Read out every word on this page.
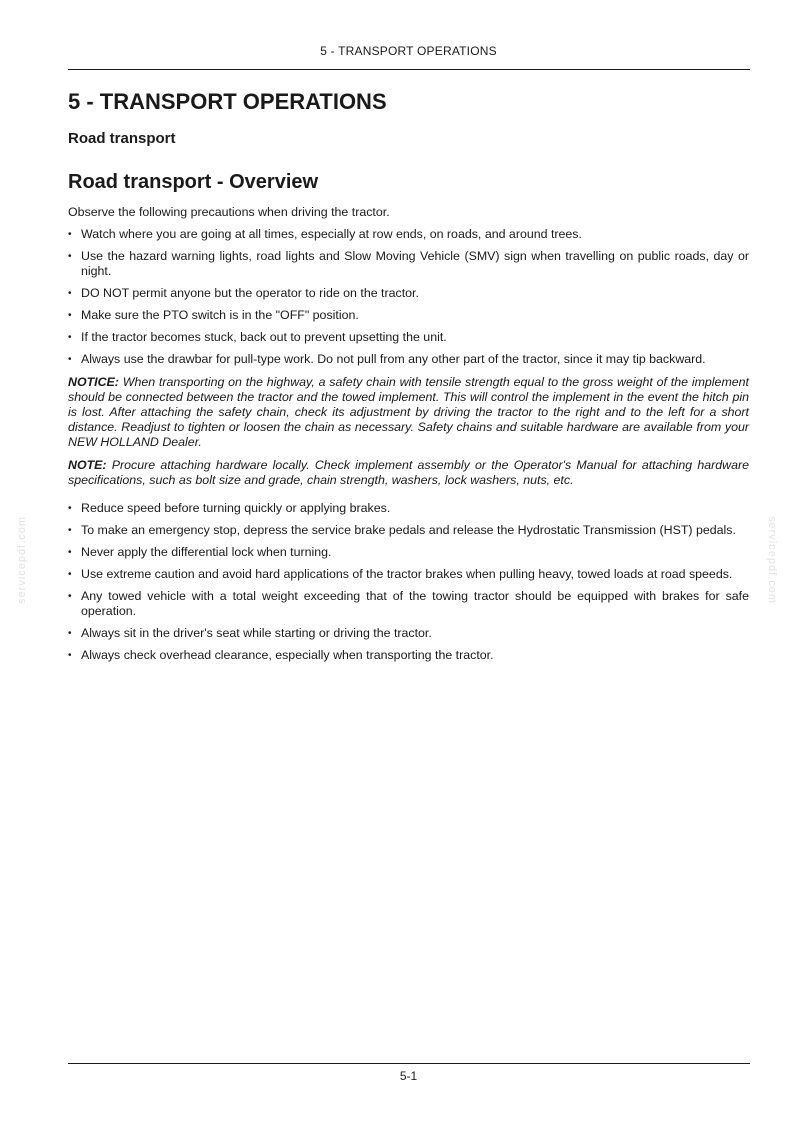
5 - TRANSPORT OPERATIONS
servicepdf.com	servicepdf.com
5 - TRANSPORT OPERATIONS
Road transport
Road transport - Overview

Observe the following precautions when driving the tractor.

• Watch where you are going at all times, especially at row ends, on roads, and around trees.
• Use the hazard warning lights, road lights and Slow Moving Vehicle (SMV) sign when travelling on public roads, day or night.
• DO NOT permit anyone but the operator to ride on the tractor.
• Make sure the PTO switch is in the "OFF" position.
• If the tractor becomes stuck, back out to prevent upsetting the unit.
• Always use the drawbar for pull-type work. Do not pull from any other part of the tractor, since it may tip backward.

NOTICE: When transporting on the highway, a safety chain with tensile strength equal to the gross weight of the implement should be connected between the tractor and the towed implement. This will control the implement in the event the hitch pin is lost. After attaching the safety chain, check its adjustment by driving the tractor to the right and to the left for a short distance. Readjust to tighten or loosen the chain as necessary. Safety chains and suitable hardware are available from your NEW HOLLAND Dealer.

NOTE: Procure attaching hardware locally. Check implement assembly or the Operator's Manual for attaching hardware specifications, such as bolt size and grade, chain strength, washers, lock washers, nuts, etc.

• Reduce speed before turning quickly or applying brakes.
• To make an emergency stop, depress the service brake pedals and release the Hydrostatic Transmission (HST) pedals.
• Never apply the differential lock when turning.
• Use extreme caution and avoid hard applications of the tractor brakes when pulling heavy, towed loads at road speeds.
• Any towed vehicle with a total weight exceeding that of the towing tractor should be equipped with brakes for safe operation.
• Always sit in the driver's seat while starting or driving the tractor.
• Always check overhead clearance, especially when transporting the tractor.
5-1
